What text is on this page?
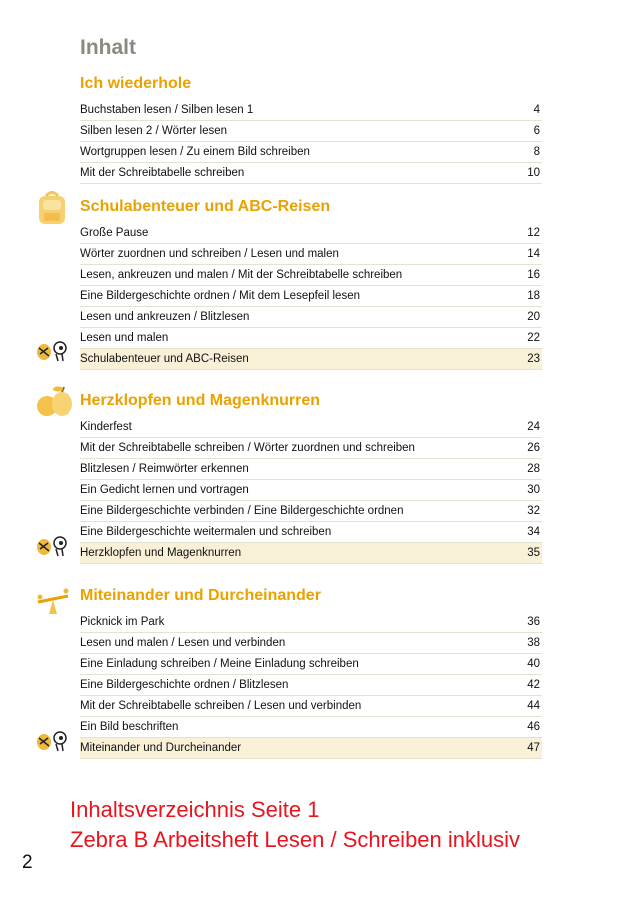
Inhalt
Ich wiederhole
Buchstaben lesen / Silben lesen 1	4
Silben lesen 2 / Wörter lesen	6
Wortgruppen lesen / Zu einem Bild schreiben	8
Mit der Schreibtabelle schreiben	10
Schulabenteuer und ABC-Reisen
Große Pause	12
Wörter zuordnen und schreiben / Lesen und malen	14
Lesen, ankreuzen und malen / Mit der Schreibtabelle schreiben	16
Eine Bildergeschichte ordnen / Mit dem Lesepfeil lesen	18
Lesen und ankreuzen / Blitzlesen	20
Lesen und malen	22
Schulabenteuer und ABC-Reisen	23
Herzklopfen und Magenknurren
Kinderfest	24
Mit der Schreibtabelle schreiben / Wörter zuordnen und schreiben	26
Blitzlesen / Reimwörter erkennen	28
Ein Gedicht lernen und vortragen	30
Eine Bildergeschichte verbinden / Eine Bildergeschichte ordnen	32
Eine Bildergeschichte weitermalen und schreiben	34
Herzklopfen und Magenknurren	35
Miteinander und Durcheinander
Picknick im Park	36
Lesen und malen / Lesen und verbinden	38
Eine Einladung schreiben / Meine Einladung schreiben	40
Eine Bildergeschichte ordnen / Blitzlesen	42
Mit der Schreibtabelle schreiben / Lesen und verbinden	44
Ein Bild beschriften	46
Miteinander und Durcheinander	47
Inhaltsverzeichnis Seite 1
Zebra B Arbeitsheft Lesen / Schreiben inklusiv
2
